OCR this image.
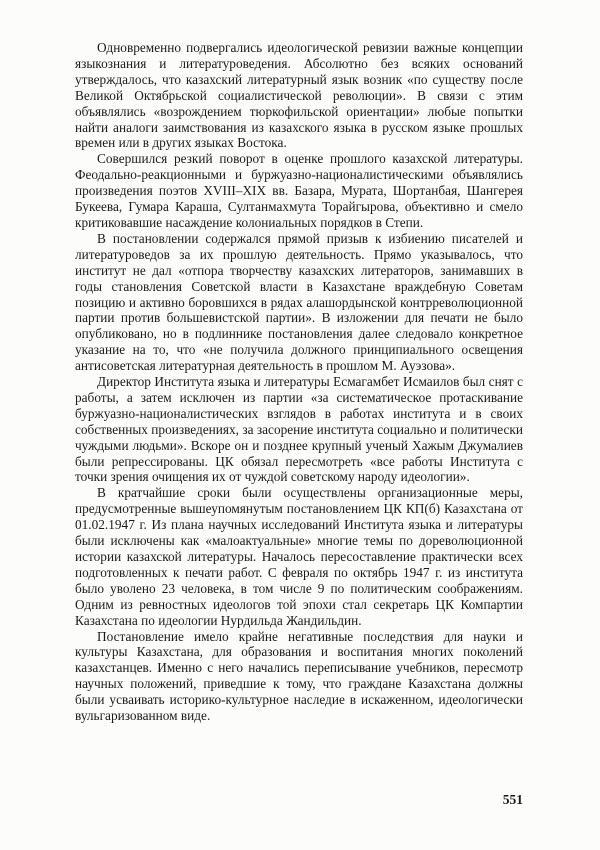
Одновременно подвергались идеологической ревизии важные концепции языкознания и литературоведения. Абсолютно без всяких оснований утверждалось, что казахский литературный язык возник «по существу после Великой Октябрьской социалистической революции». В связи с этим объявлялись «возрождением тюркофильской ориентации» любые попытки найти аналоги заимствования из казахского языка в русском языке прошлых времен или в других языках Востока.

Совершился резкий поворот в оценке прошлого казахской литературы. Феодально-реакционными и буржуазно-националистическими объявлялись произведения поэтов XVIII–XIX вв. Базара, Мурата, Шортанбая, Шангерея Букеева, Гумара Караша, Султанмахмута Торайгырова, объективно и смело критиковавшие насаждение колониальных порядков в Степи.

В постановлении содержался прямой призыв к избиению писателей и литературоведов за их прошлую деятельность. Прямо указывалось, что институт не дал «отпора творчеству казахских литераторов, занимавших в годы становления Советской власти в Казахстане враждебную Советам позицию и активно боровшихся в рядах алашордынской контрреволюционной партии против большевистской партии». В изложении для печати не было опубликовано, но в подлиннике постановления далее следовало конкретное указание на то, что «не получила должного принципиального освещения антисоветская литературная деятельность в прошлом М. Ауэзова».

Директор Института языка и литературы Есмагамбет Исмаилов был снят с работы, а затем исключен из партии «за систематическое протаскивание буржуазно-националистических взглядов в работах института и в своих собственных произведениях, за засорение института социально и политически чуждыми людьми». Вскоре он и позднее крупный ученый Хажым Джумалиев были репрессированы. ЦК обязал пересмотреть «все работы Института с точки зрения очищения их от чуждой советскому народу идеологии».

В кратчайшие сроки были осуществлены организационные меры, предусмотренные вышеупомянутым постановлением ЦК КП(б) Казахстана от 01.02.1947 г. Из плана научных исследований Института языка и литературы были исключены как «малоактуальные» многие темы по дореволюционной истории казахской литературы. Началось пересоставление практически всех подготовленных к печати работ. С февраля по октябрь 1947 г. из института было уволено 23 человека, в том числе 9 по политическим соображениям. Одним из ревностных идеологов той эпохи стал секретарь ЦК Компартии Казахстана по идеологии Нурдильда Жандильдин.

Постановление имело крайне негативные последствия для науки и культуры Казахстана, для образования и воспитания многих поколений казахстанцев. Именно с него начались переписывание учебников, пересмотр научных положений, приведшие к тому, что граждане Казахстана должны были усваивать историко-культурное наследие в искаженном, идеологически вульгаризованном виде.

551
